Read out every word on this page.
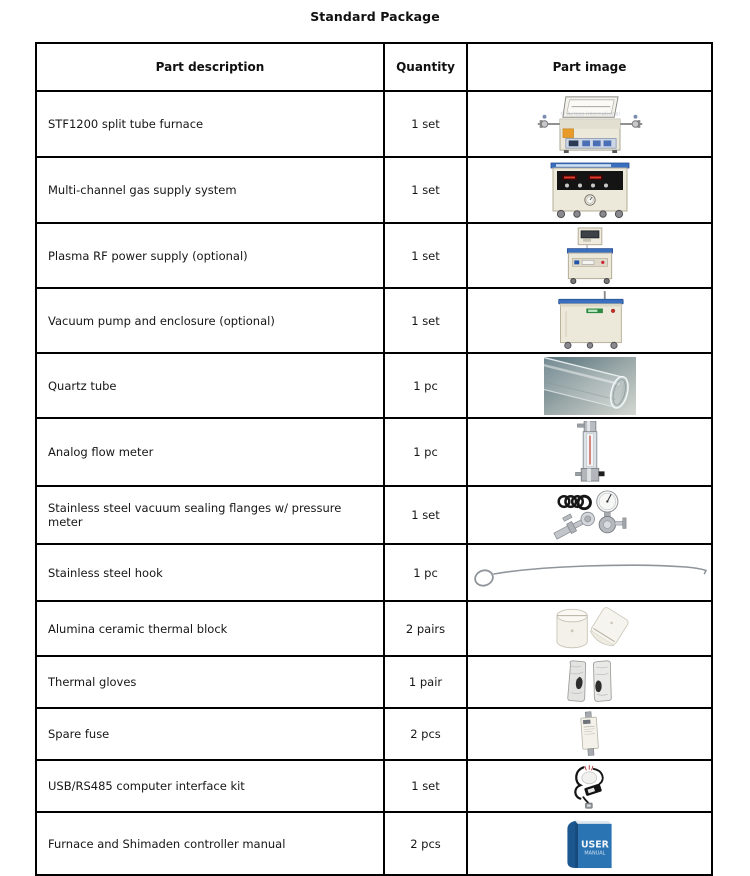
Standard Package
Part description	Quantity	Part image
STF1200 split tube furnace	1 set	© Across International

Multi-channel gas supply system	1 set	

Plasma RF power supply (optional)	1 set	

Vacuum pump and enclosure (optional)	1 set	

Quartz tube	1 pc	

Analog flow meter	1 pc	

Stainless steel vacuum sealing flanges w/ pressure meter	1 set	

Stainless steel hook	1 pc	

Alumina ceramic thermal block	2 pairs	

Thermal gloves	1 pair	

Spare fuse	2 pcs	

USB/RS485 computer interface kit	1 set	

Furnace and Shimaden controller manual	2 pcs	USER
MANUAL
